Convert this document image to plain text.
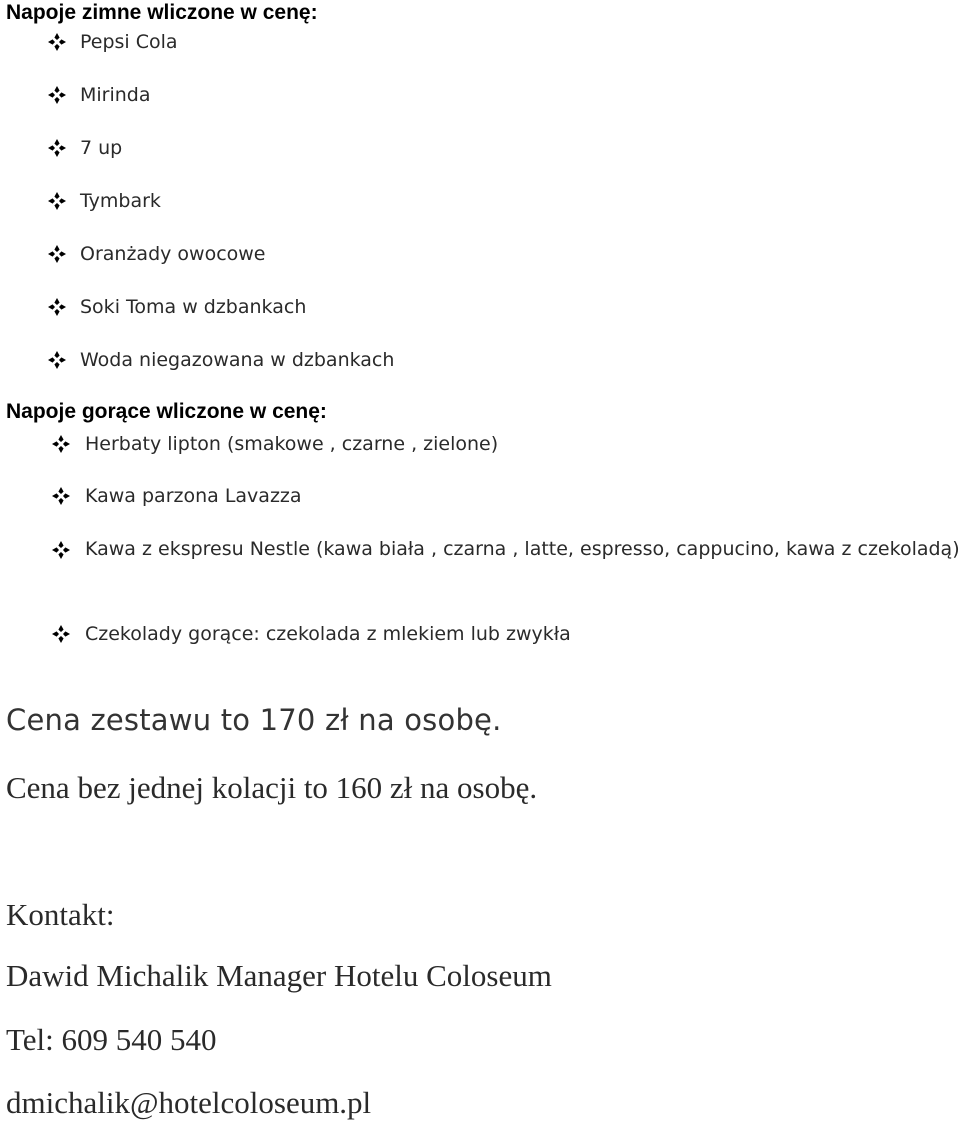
Napoje zimne wliczone w cenę:
Pepsi Cola
Mirinda
7 up
Tymbark
Oranżady owocowe
Soki Toma w dzbankach
Woda niegazowana w dzbankach
Napoje gorące wliczone w cenę:
Herbaty lipton (smakowe , czarne , zielone)
Kawa parzona Lavazza
Kawa z ekspresu Nestle (kawa biała , czarna , latte, espresso, cappucino, kawa z czekoladą)
Czekolady gorące: czekolada z mlekiem lub zwykła
Cena zestawu to 170 zł na osobę.
Cena bez jednej kolacji to 160 zł na osobę.
Kontakt:
Dawid Michalik Manager Hotelu Coloseum
Tel: 609 540 540
dmichalik@hotelcoloseum.pl
